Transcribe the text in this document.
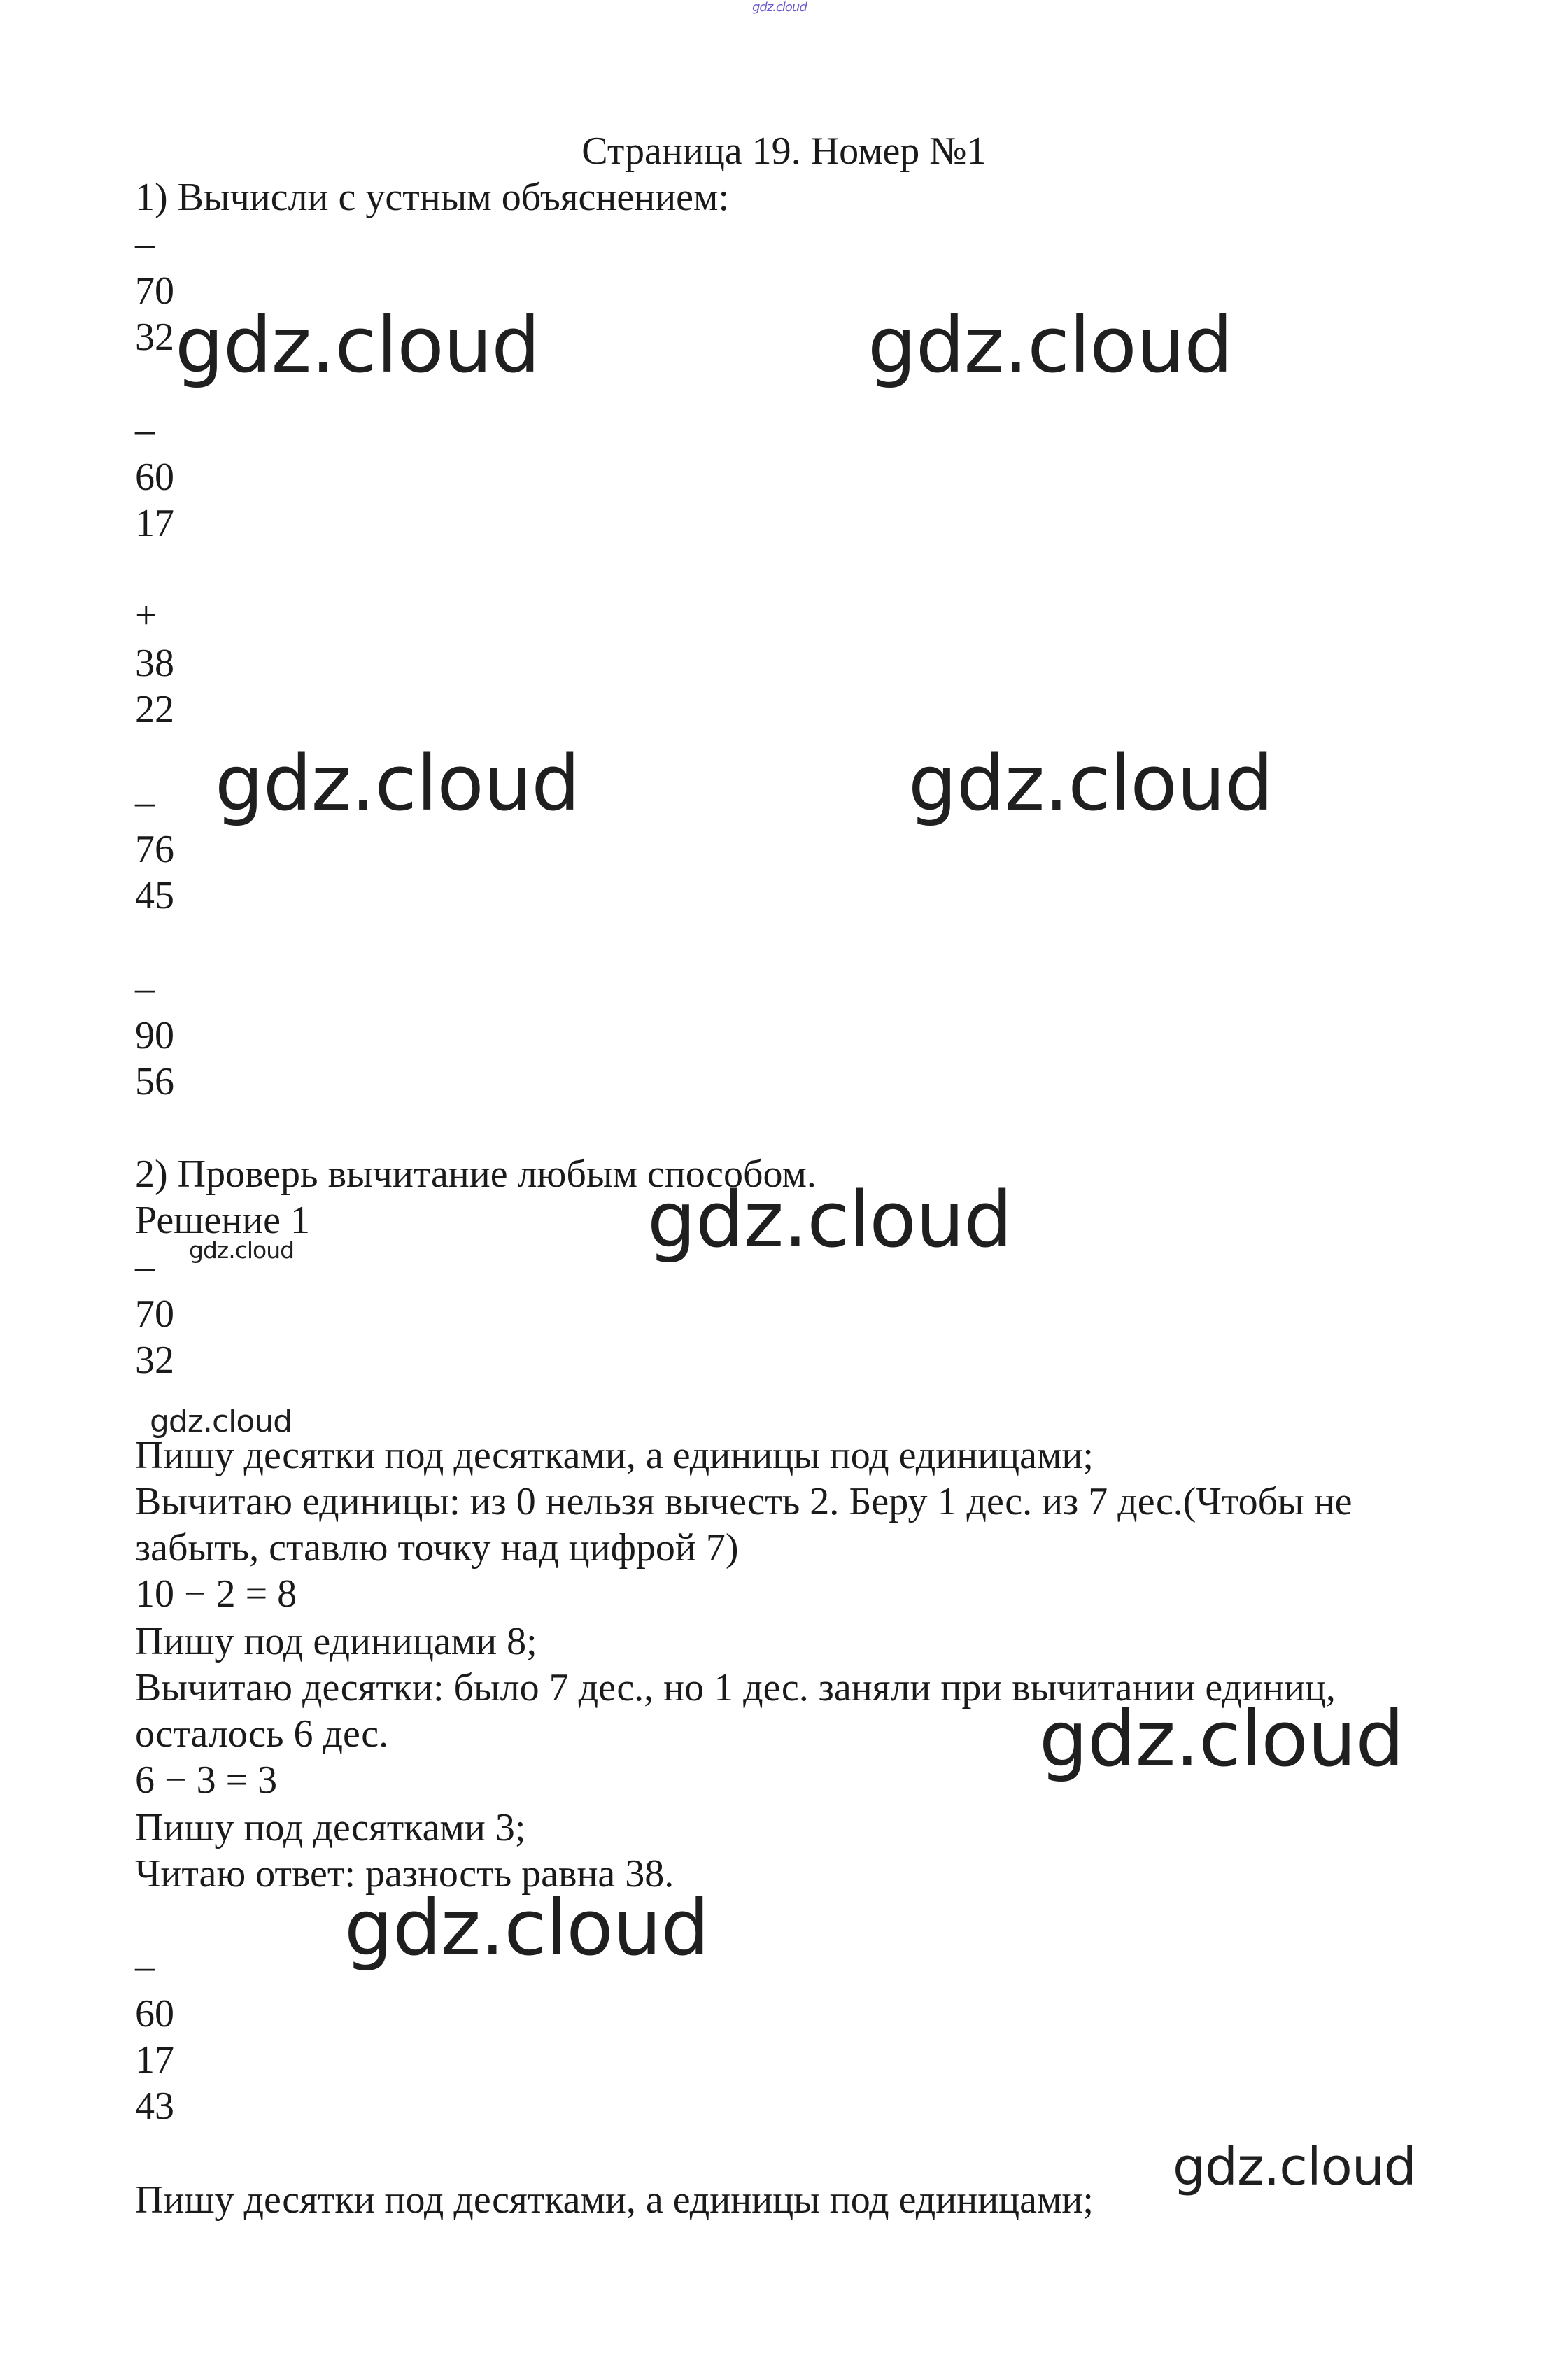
gdz.cloud
Страница 19. Номер №1
1) Вычисли с устным объяснением:
–
70
32
–
60
17
+
38
22
–
76
45
–
90
56
2) Проверь вычитание любым способом.
Решение 1
–
70
32
Пишу десятки под десятками, а единицы под единицами;
Вычитаю единицы: из 0 нельзя вычесть 2. Беру 1 дес. из 7 дес.(Чтобы не
забыть, ставлю точку над цифрой 7)
10 − 2 = 8
Пишу под единицами 8;
Вычитаю десятки: было 7 дес., но 1 дес. заняли при вычитании единиц,
осталось 6 дес.
6 − 3 = 3
Пишу под десятками 3;
Читаю ответ: разность равна 38.
–
60
17
43
Пишу десятки под десятками, а единицы под единицами;
gdz.cloud	gdz.cloud
gdz.cloud	gdz.cloud
gdz.cloud
gdz.cloud
gdz.cloud
gdz.cloud
gdz.cloud
gdz.cloud
